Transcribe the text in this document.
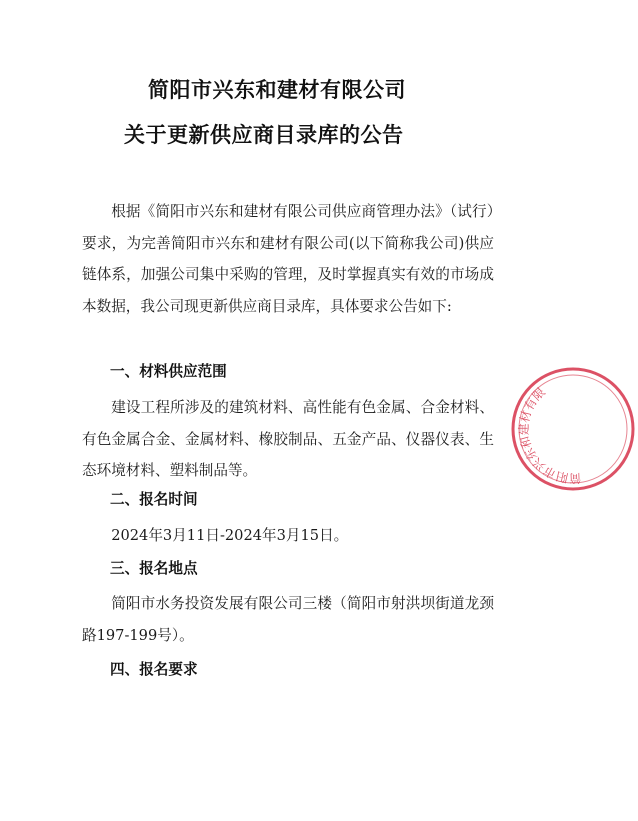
简阳市兴东和建材有限公司
关于更新供应商目录库的公告
根据《简阳市兴东和建材有限公司供应商管理办法》（试行）要求，为完善简阳市兴东和建材有限公司(以下简称我公司)供应链体系，加强公司集中采购的管理，及时掌握真实有效的市场成本数据，我公司现更新供应商目录库，具体要求公告如下:
一、材料供应范围
建设工程所涉及的建筑材料、高性能有色金属、合金材料、有色金属合金、金属材料、橡胶制品、五金产品、仪器仪表、生态环境材料、塑料制品等。
二、报名时间
2024年3月11日-2024年3月15日。
三、报名地点
简阳市水务投资发展有限公司三楼（简阳市射洪坝街道龙颈路197-199号）。
四、报名要求
简阳市兴东和建材有限
